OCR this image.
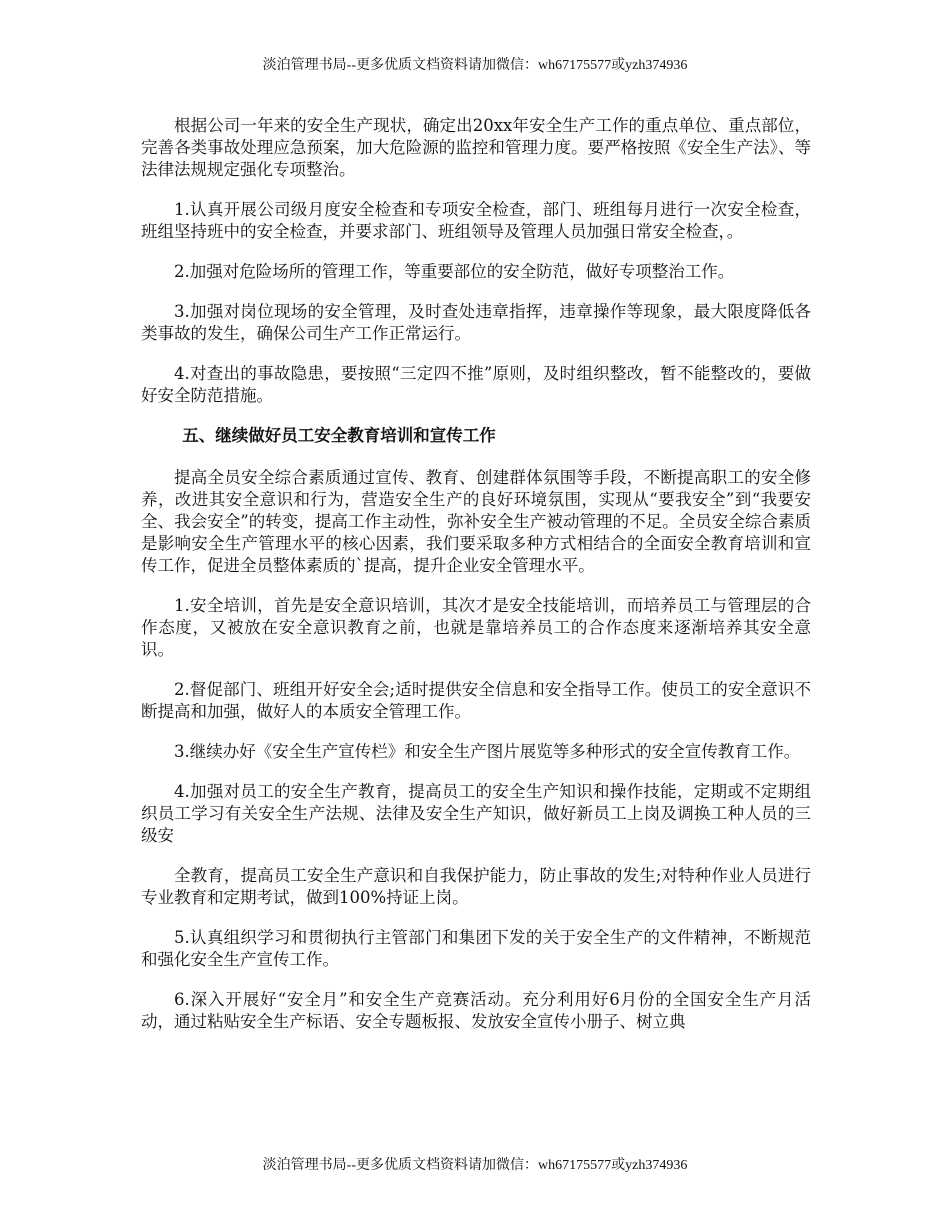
淡泊管理书局--更多优质文档资料请加微信：wh67175577或yzh374936

根据公司一年来的安全生产现状，确定出20xx年安全生产工作的重点单位、重点部位，完善各类事故处理应急预案，加大危险源的监控和管理力度。要严格按照《安全生产法》、等法律法规规定强化专项整治。

1.认真开展公司级月度安全检查和专项安全检查，部门、班组每月进行一次安全检查，班组坚持班中的安全检查，并要求部门、班组领导及管理人员加强日常安全检查，。

2.加强对危险场所的管理工作，等重要部位的安全防范，做好专项整治工作。

3.加强对岗位现场的安全管理，及时查处违章指挥，违章操作等现象，最大限度降低各类事故的发生，确保公司生产工作正常运行。

4.对查出的事故隐患，要按照“三定四不推”原则，及时组织整改，暂不能整改的，要做好安全防范措施。

五、继续做好员工安全教育培训和宣传工作

提高全员安全综合素质通过宣传、教育、创建群体氛围等手段，不断提高职工的安全修养，改进其安全意识和行为，营造安全生产的良好环境氛围，实现从“要我安全”到“我要安全、我会安全”的转变，提高工作主动性，弥补安全生产被动管理的不足。全员安全综合素质是影响安全生产管理水平的核心因素，我们要采取多种方式相结合的全面安全教育培训和宣传工作，促进全员整体素质的`提高，提升企业安全管理水平。

1.安全培训，首先是安全意识培训，其次才是安全技能培训，而培养员工与管理层的合作态度，又被放在安全意识教育之前，也就是靠培养员工的合作态度来逐渐培养其安全意识。

2.督促部门、班组开好安全会;适时提供安全信息和安全指导工作。使员工的安全意识不断提高和加强，做好人的本质安全管理工作。

3.继续办好《安全生产宣传栏》和安全生产图片展览等多种形式的安全宣传教育工作。

4.加强对员工的安全生产教育，提高员工的安全生产知识和操作技能，定期或不定期组织员工学习有关安全生产法规、法律及安全生产知识，做好新员工上岗及调换工种人员的三级安

全教育，提高员工安全生产意识和自我保护能力，防止事故的发生;对特种作业人员进行专业教育和定期考试，做到100%持证上岗。

5.认真组织学习和贯彻执行主管部门和集团下发的关于安全生产的文件精神，不断规范和强化安全生产宣传工作。

6.深入开展好“安全月”和安全生产竞赛活动。充分利用好6月份的全国安全生产月活动，通过粘贴安全生产标语、安全专题板报、发放安全宣传小册子、树立典

淡泊管理书局--更多优质文档资料请加微信：wh67175577或yzh374936
